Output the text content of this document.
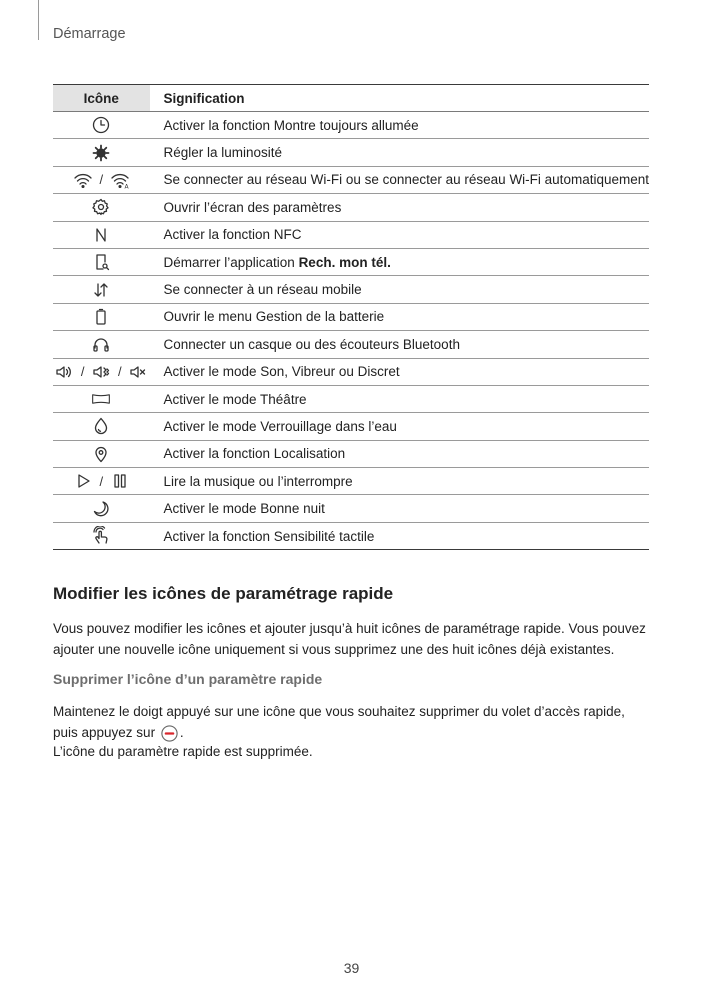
Démarrage
Icône	Signification

	Activer la fonction Montre toujours allumée

	Régler la luminosité

/ A	Se connecter au réseau Wi-Fi ou se connecter au réseau Wi-Fi automatiquement

	Ouvrir l’écran des paramètres

	Activer la fonction NFC

	Démarrer l’application Rech. mon tél.

	Se connecter à un réseau mobile

	Ouvrir le menu Gestion de la batterie

	Connecter un casque ou des écouteurs Bluetooth

/ /	Activer le mode Son, Vibreur ou Discret

	Activer le mode Théâtre

	Activer le mode Verrouillage dans l’eau

	Activer la fonction Localisation

/	Lire la musique ou l’interrompre

	Activer le mode Bonne nuit

	Activer la fonction Sensibilité tactile
Modifier les icônes de paramétrage rapide

Vous pouvez modifier les icônes et ajouter jusqu’à huit icônes de paramétrage rapide. Vous pouvez ajouter une nouvelle icône uniquement si vous supprimez une des huit icônes déjà existantes.

Supprimer l’icône d’un paramètre rapide

Maintenez le doigt appuyé sur une icône que vous souhaitez supprimer du volet d’accès rapide, puis appuyez sur
.

L’icône du paramètre rapide est supprimée.

39
